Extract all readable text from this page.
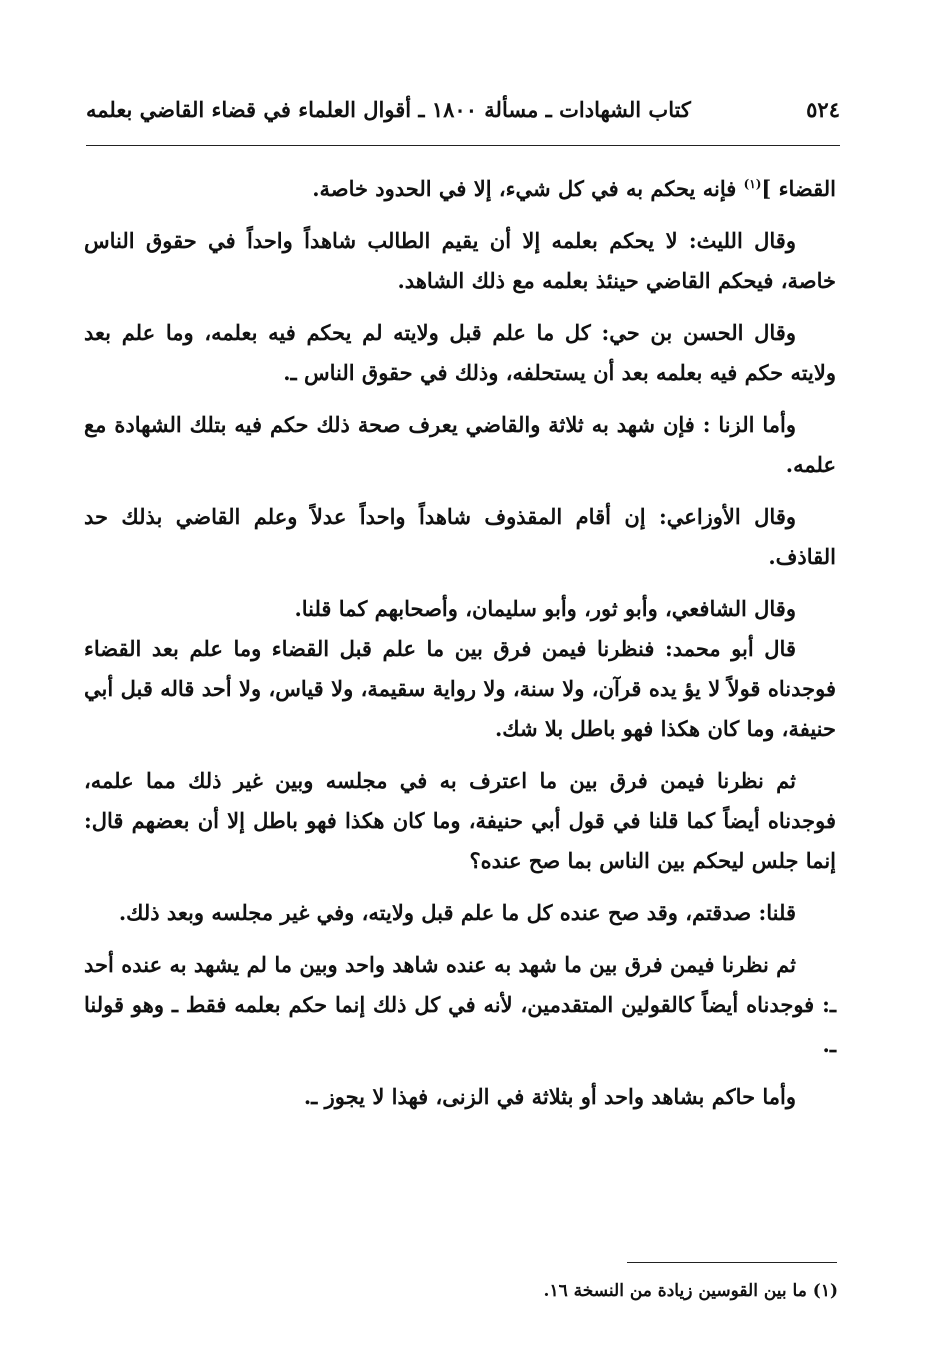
٥٢٤
كتاب الشهادات ـ مسألة ١٨٠٠ ـ أقوال العلماء في قضاء القاضي بعلمه

القضاء ]$^{(١)}$ فإنه يحكم به في كل شيء، إلا في الحدود خاصة.

وقال الليث: لا يحكم بعلمه إلا أن يقيم الطالب شاهداً واحداً في حقوق الناس خاصة، فيحكم القاضي حينئذ بعلمه مع ذلك الشاهد.

وقال الحسن بن حي: كل ما علم قبل ولايته لم يحكم فيه بعلمه، وما علم بعد ولايته حكم فيه بعلمه بعد أن يستحلفه، وذلك في حقوق الناس ـ.

وأما الزنا : فإن شهد به ثلاثة والقاضي يعرف صحة ذلك حكم فيه بتلك الشهادة مع علمه.

وقال الأوزاعي: إن أقام المقذوف شاهداً واحداً عدلاً وعلم القاضي بذلك حد القاذف.

وقال الشافعي، وأبو ثور، وأبو سليمان، وأصحابهم كما قلنا.

قال أبو محمد: فنظرنا فيمن فرق بين ما علم قبل القضاء وما علم بعد القضاء فوجدناه قولاً لا يؤ يده قرآن، ولا سنة، ولا رواية سقيمة، ولا قياس، ولا أحد قاله قبل أبي حنيفة، وما كان هكذا فهو باطل بلا شك.

ثم نظرنا فيمن فرق بين ما اعترف به في مجلسه وبين غير ذلك مما علمه، فوجدناه أيضاً كما قلنا في قول أبي حنيفة، وما كان هكذا فهو باطل إلا أن بعضهم قال: إنما جلس ليحكم بين الناس بما صح عنده؟

قلنا: صدقتم، وقد صح عنده كل ما علم قبل ولايته، وفي غير مجلسه وبعد ذلك.

ثم نظرنا فيمن فرق بين ما شهد به عنده شاهد واحد وبين ما لم يشهد به عنده أحد ـ: فوجدناه أيضاً كالقولين المتقدمين، لأنه في كل ذلك إنما حكم بعلمه فقط ـ وهو قولنا ـ.

وأما حاكم بشاهد واحد أو بثلاثة في الزنى، فهذا لا يجوز ـ.

(١) ما بين القوسين زيادة من النسخة ١٦.
